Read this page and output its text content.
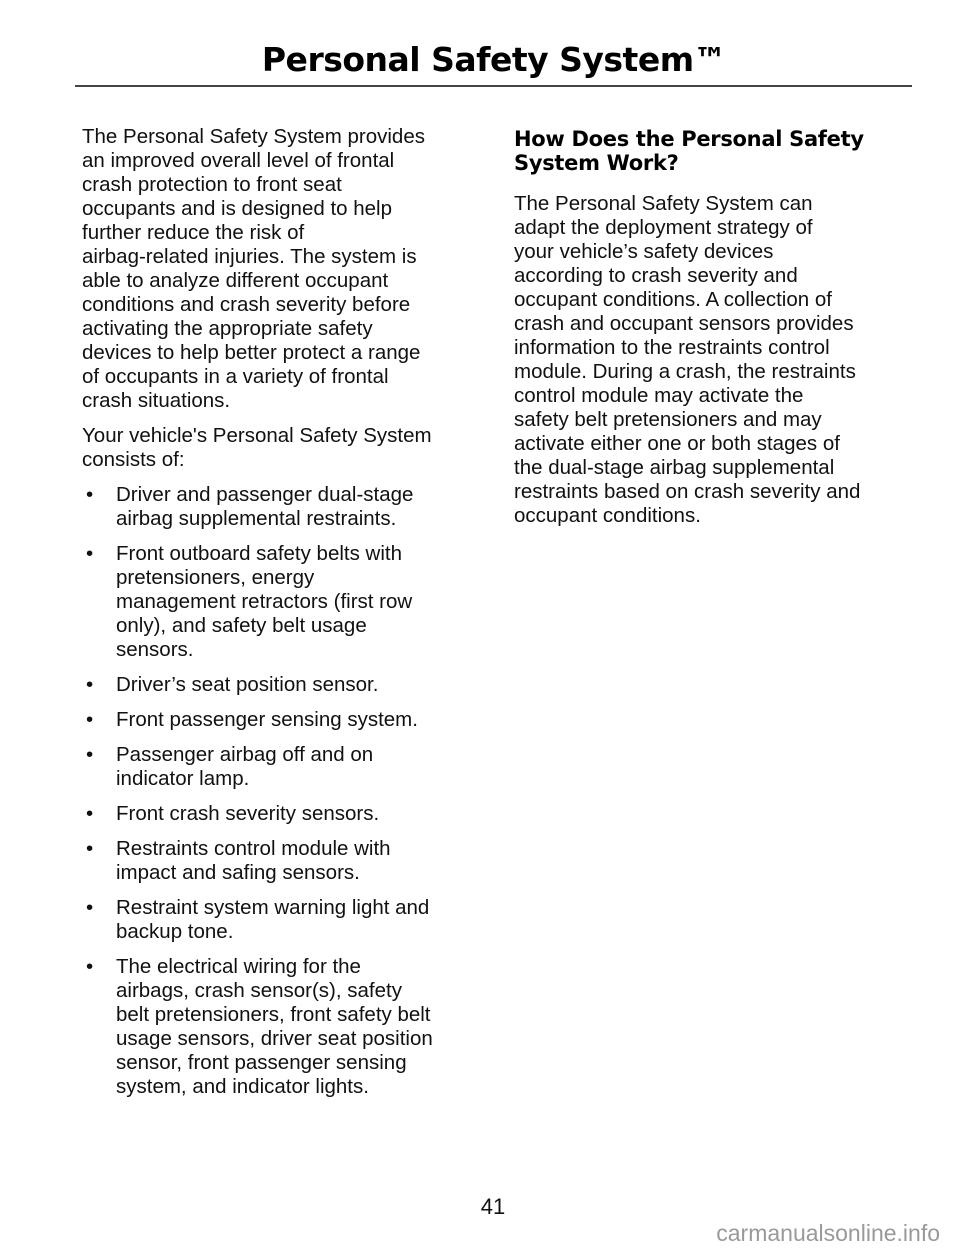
Personal Safety System™
The Personal Safety System provides
an improved overall level of frontal
crash protection to front seat
occupants and is designed to help
further reduce the risk of
airbag-related injuries. The system is
able to analyze different occupant
conditions and crash severity before
activating the appropriate safety
devices to help better protect a range
of occupants in a variety of frontal
crash situations.
Your vehicle's Personal Safety System
consists of:
• Driver and passenger dual-stage
airbag supplemental restraints.
• Front outboard safety belts with
pretensioners, energy
management retractors (first row
only), and safety belt usage
sensors.
• Driver’s seat position sensor.
• Front passenger sensing system.
• Passenger airbag off and on
indicator lamp.
• Front crash severity sensors.
• Restraints control module with
impact and safing sensors.
• Restraint system warning light and
backup tone.
• The electrical wiring for the
airbags, crash sensor(s), safety
belt pretensioners, front safety belt
usage sensors, driver seat position
sensor, front passenger sensing
system, and indicator lights.
How Does the Personal Safety
System Work?
The Personal Safety System can
adapt the deployment strategy of
your vehicle’s safety devices
according to crash severity and
occupant conditions. A collection of
crash and occupant sensors provides
information to the restraints control
module. During a crash, the restraints
control module may activate the
safety belt pretensioners and may
activate either one or both stages of
the dual-stage airbag supplemental
restraints based on crash severity and
occupant conditions.
41
carmanualsonline.info
